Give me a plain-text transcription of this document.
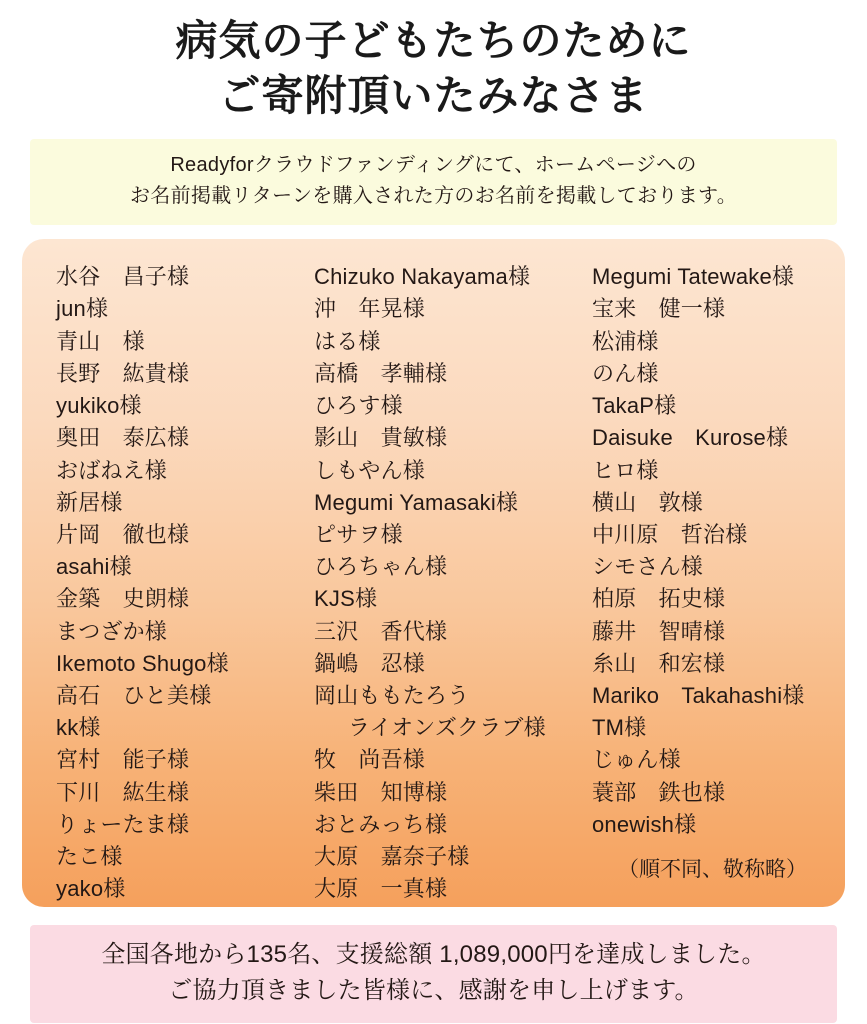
病気の子どもたちのために
ご寄附頂いたみなさま
Readyforクラウドファンディングにて、ホームページへの
お名前掲載リターンを購入された方のお名前を掲載しております。
水谷　昌子様
jun様
青山　様
長野　紘貴様
yukiko様
奥田　泰広様
おばねえ様
新居様
片岡　徹也様
asahi様
金築　史朗様
まつざか様
Ikemoto Shugo様
高石　ひと美様
kk様
宮村　能子様
下川　紘生様
りょーたま様
たこ様
yako様
Chizuko Nakayama様
沖　年晃様
はる様
高橋　孝輔様
ひろす様
影山　貴敏様
しもやん様
Megumi Yamasaki様
ピサヲ様
ひろちゃん様
KJS様
三沢　香代様
鍋嶋　忍様
岡山ももたろう
ライオンズクラブ様
牧　尚吾様
柴田　知博様
おとみっち様
大原　嘉奈子様
大原　一真様
Megumi Tatewake様
宝来　健一様
松浦様
のん様
TakaP様
Daisuke　Kurose様
ヒロ様
横山　敦様
中川原　哲治様
シモさん様
柏原　拓史様
藤井　智晴様
糸山　和宏様
Mariko　Takahashi様
TM様
じゅん様
蓑部　鉄也様
onewish様
（順不同、敬称略）
全国各地から135名、支援総額 1,089,000円を達成しました。
ご協力頂きました皆様に、感謝を申し上げます。
